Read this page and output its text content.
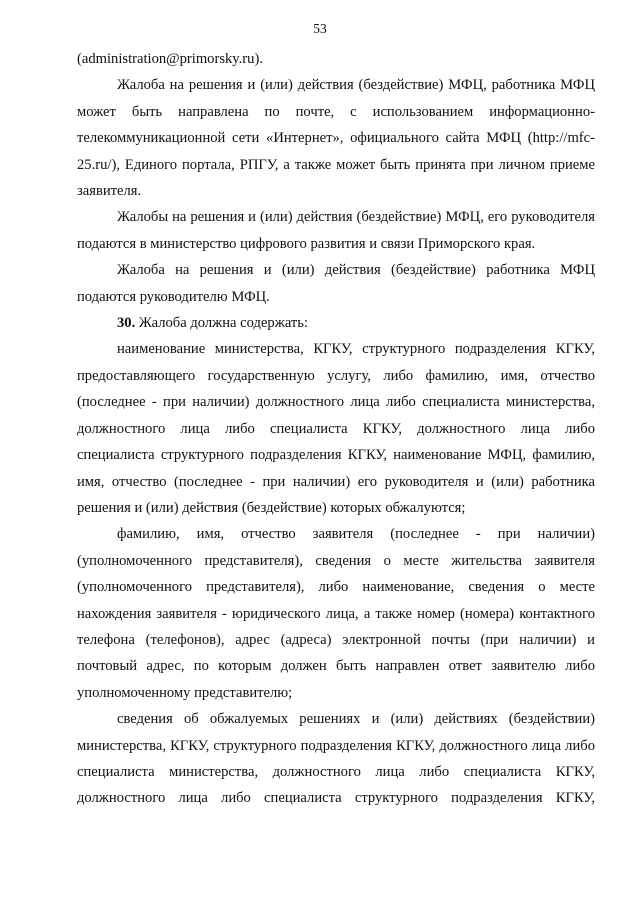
53

(administration@primorsky.ru).

Жалоба на решения и (или) действия (бездействие) МФЦ, работника МФЦ может быть направлена по почте, с использованием информационно-телекоммуникационной сети «Интернет», официального сайта МФЦ (http://mfc-25.ru/), Единого портала, РПГУ, а также может быть принята при личном приеме заявителя.

Жалобы на решения и (или) действия (бездействие) МФЦ, его руководителя подаются в министерство цифрового развития и связи Приморского края.

Жалоба на решения и (или) действия (бездействие) работника МФЦ подаются руководителю МФЦ.

30. Жалоба должна содержать:

наименование министерства, КГКУ, структурного подразделения КГКУ, предоставляющего государственную услугу, либо фамилию, имя, отчество (последнее - при наличии) должностного лица либо специалиста министерства, должностного лица либо специалиста КГКУ, должностного лица либо специалиста структурного подразделения КГКУ, наименование МФЦ, фамилию, имя, отчество (последнее - при наличии) его руководителя и (или) работника решения и (или) действия (бездействие) которых обжалуются;

фамилию, имя, отчество заявителя (последнее - при наличии) (уполномоченного представителя), сведения о месте жительства заявителя (уполномоченного представителя), либо наименование, сведения о месте нахождения заявителя - юридического лица, а также номер (номера) контактного телефона (телефонов), адрес (адреса) электронной почты (при наличии) и почтовый адрес, по которым должен быть направлен ответ заявителю либо уполномоченному представителю;

сведения об обжалуемых решениях и (или) действиях (бездействии) министерства, КГКУ, структурного подразделения КГКУ, должностного лица либо специалиста министерства, должностного лица либо специалиста КГКУ, должностного лица либо специалиста структурного подразделения КГКУ,
